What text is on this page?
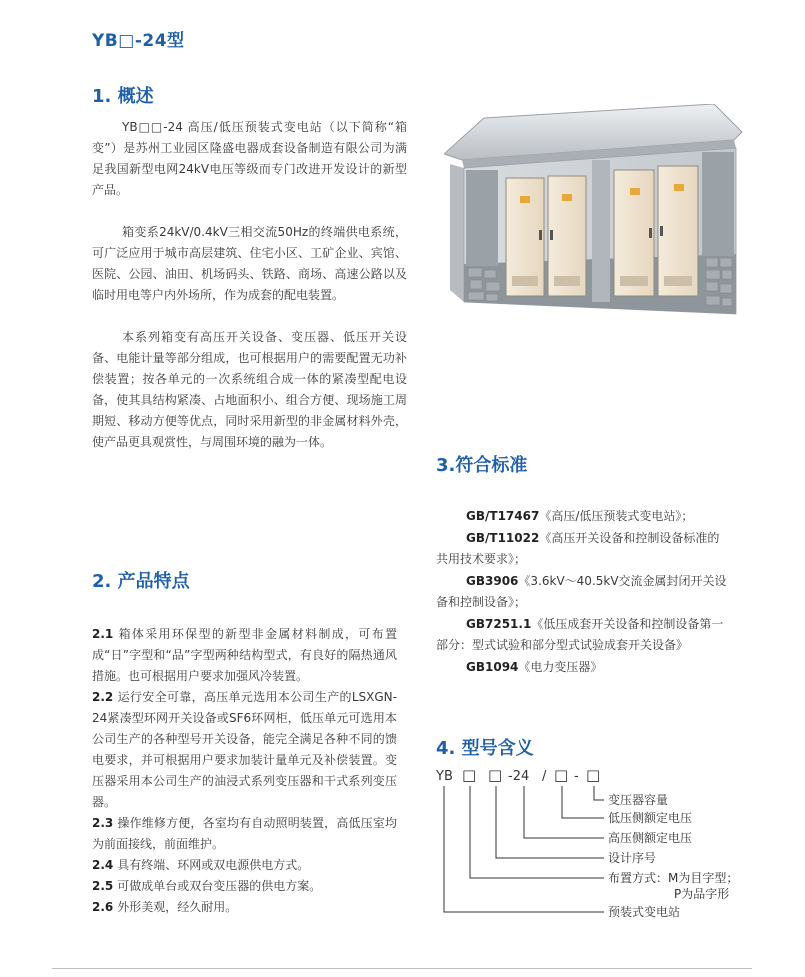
YB□-24型
1. 概述

YB□□-24 高压/低压预装式变电站（以下简称“箱变”）是苏州工业园区隆盛电器成套设备制造有限公司为满足我国新型电网24kV电压等级而专门改进开发设计的新型产品。

箱变系24kV/0.4kV三相交流50Hz的终端供电系统，可广泛应用于城市高层建筑、住宅小区、工矿企业、宾馆、医院、公园、油田、机场码头、铁路、商场、高速公路以及临时用电等户内外场所，作为成套的配电装置。

本系列箱变有高压开关设备、变压器、低压开关设备、电能计量等部分组成，也可根据用户的需要配置无功补偿装置；按各单元的一次系统组合成一体的紧凑型配电设备，使其具结构紧凑、占地面积小、组合方便、现场施工周期短、移动方便等优点，同时采用新型的非金属材料外壳，使产品更具观赏性，与周围环境的融为一体。

2. 产品特点

2.1 箱体采用环保型的新型非金属材料制成，可布置成“日”字型和“品”字型两种结构型式，有良好的隔热通风措施。也可根据用户要求加强风冷装置。

2.2 运行安全可靠，高压单元选用本公司生产的LSXGN-24紧凑型环网开关设备或SF6环网柜，低压单元可选用本公司生产的各种型号开关设备，能完全满足各种不同的馈电要求，并可根据用户要求加装计量单元及补偿装置。变压器采用本公司生产的油浸式系列变压器和干式系列变压器。

2.3 操作维修方便，各室均有自动照明装置，高低压室均为前面接线，前面维护。

2.4 具有终端、环网或双电源供电方式。

2.5 可做成单台或双台变压器的供电方案。

2.6 外形美观，经久耐用。

3.符合标准
GB/T17467《高压/低压预装式变电站》；
GB/T11022《高压开关设备和控制设备标准的
共用技术要求》；
GB3906《3.6kV～40.5kV交流金属封闭开关设
备和控制设备》；
GB7251.1《低压成套开关设备和控制设备第一
部分：型式试验和部分型式试验成套开关设备》
GB1094《电力变压器》
4. 型号含义
YB □ □ -24 / □ - □
变压器容量
低压侧额定电压
高压侧额定电压
设计序号
布置方式：M为目字型；
P为品字形
预装式变电站
